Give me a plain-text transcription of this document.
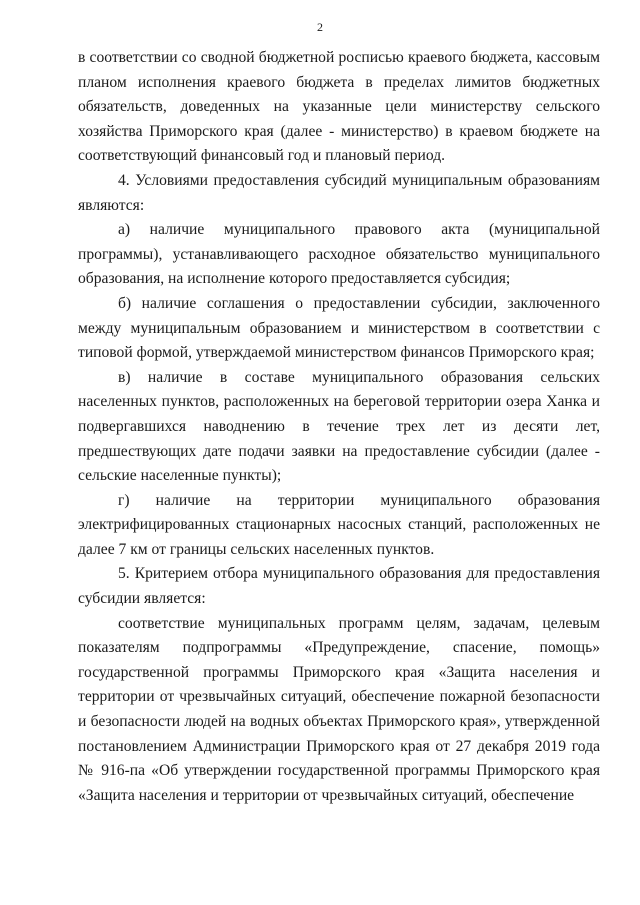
2

в соответствии со сводной бюджетной росписью краевого бюджета, кассовым планом исполнения краевого бюджета в пределах лимитов бюджетных обязательств, доведенных на указанные цели министерству сельского хозяйства Приморского края (далее - министерство) в краевом бюджете на соответствующий финансовый год и плановый период.

4. Условиями предоставления субсидий муниципальным образованиям являются:

а) наличие муниципального правового акта (муниципальной программы), устанавливающего расходное обязательство муниципального образования, на исполнение которого предоставляется субсидия;

б) наличие соглашения о предоставлении субсидии, заключенного между муниципальным образованием и министерством в соответствии с типовой формой, утверждаемой министерством финансов Приморского края;

в) наличие в составе муниципального образования сельских населенных пунктов, расположенных на береговой территории озера Ханка и подвергавшихся наводнению в течение трех лет из десяти лет, предшествующих дате подачи заявки на предоставление субсидии (далее - сельские населенные пункты);

г) наличие на территории муниципального образования электрифицированных стационарных насосных станций, расположенных не далее 7 км от границы сельских населенных пунктов.

5. Критерием отбора муниципального образования для предоставления субсидии является:

соответствие муниципальных программ целям, задачам, целевым показателям подпрограммы «Предупреждение, спасение, помощь» государственной программы Приморского края «Защита населения и территории от чрезвычайных ситуаций, обеспечение пожарной безопасности и безопасности людей на водных объектах Приморского края», утвержденной постановлением Администрации Приморского края от 27 декабря 2019 года № 916-па «Об утверждении государственной программы Приморского края «Защита населения и территории от чрезвычайных ситуаций, обеспечение
